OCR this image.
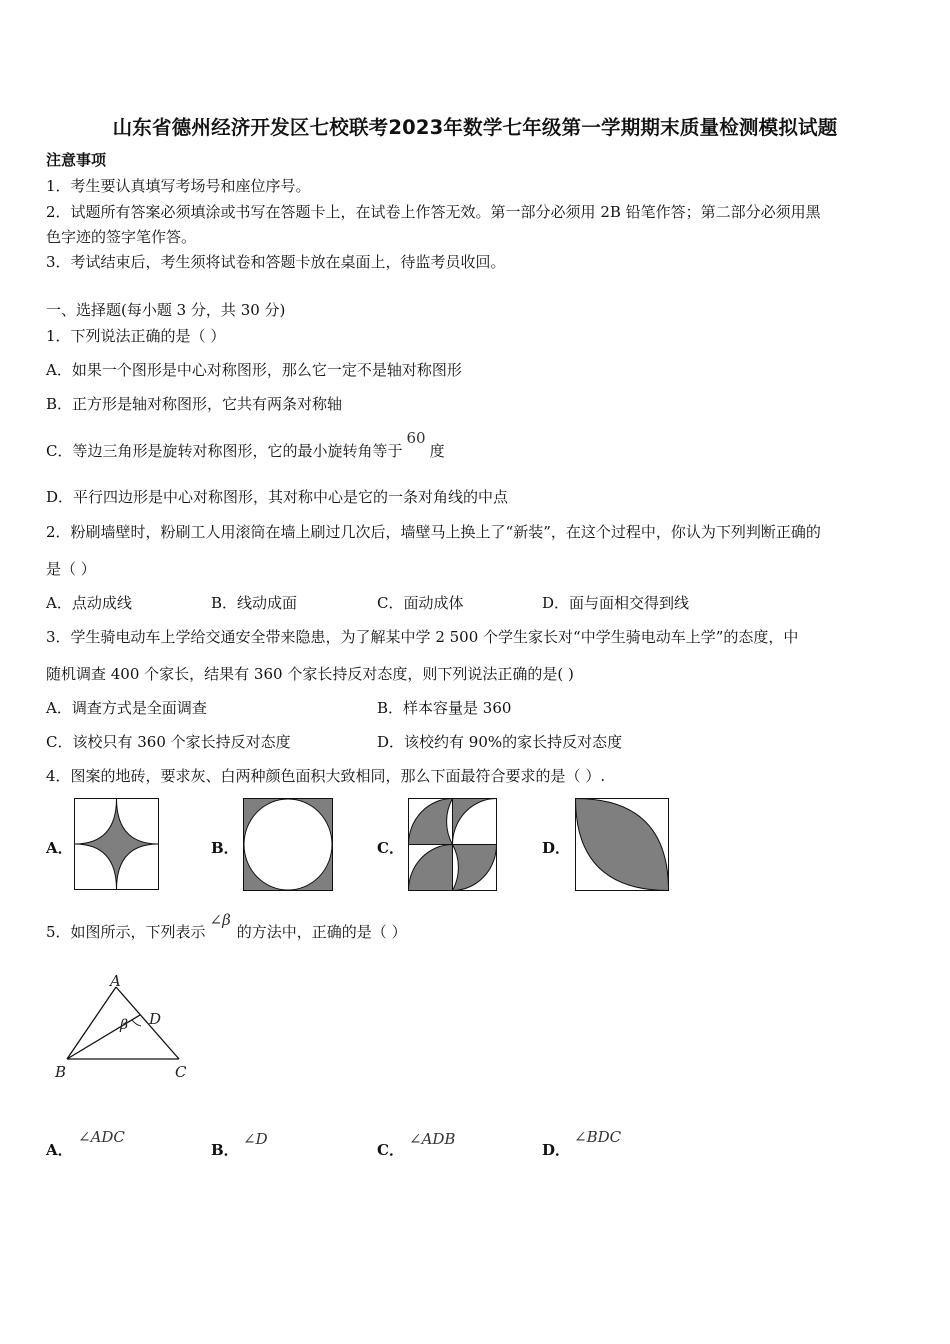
山东省德州经济开发区七校联考2023年数学七年级第一学期期末质量检测模拟试题
注意事项
1．考生要认真填写考场号和座位序号。
2．试题所有答案必须填涂或书写在答题卡上，在试卷上作答无效。第一部分必须用 2B 铅笔作答；第二部分必须用黑
色字迹的签字笔作答。
3．考试结束后，考生须将试卷和答题卡放在桌面上，待监考员收回。
一、选择题(每小题 3 分，共 30 分)
1．下列说法正确的是（ ）
A．如果一个图形是中心对称图形，那么它一定不是轴对称图形
B．正方形是轴对称图形，它共有两条对称轴
C．等边三角形是旋转对称图形，它的最小旋转角等于60度
D．平行四边形是中心对称图形，其对称中心是它的一条对角线的中点
2．粉刷墙壁时，粉刷工人用滚筒在墙上刷过几次后，墙壁马上换上了“新装”，在这个过程中，你认为下列判断正确的
是（ ）
A．点动成线	B．线动成面	C．面动成体	D．面与面相交得到线
3．学生骑电动车上学给交通安全带来隐患，为了解某中学 2 500 个学生家长对“中学生骑电动车上学”的态度，中
随机调查 400 个家长，结果有 360 个家长持反对态度，则下列说法正确的是( )
A．调查方式是全面调查	B．样本容量是 360
C．该校只有 360 个家长持反对态度	D．该校约有 90%的家长持反对态度
4．图案的地砖，要求灰、白两种颜色面积大致相同，那么下面最符合要求的是（ ）.
A．	B．	C．	D．
5．如图所示，下列表示∠β的方法中，正确的是（ ）
A
B	C
D
β
A．
∠ADC
B．
∠D
C．
∠ADB
D．
∠BDC
